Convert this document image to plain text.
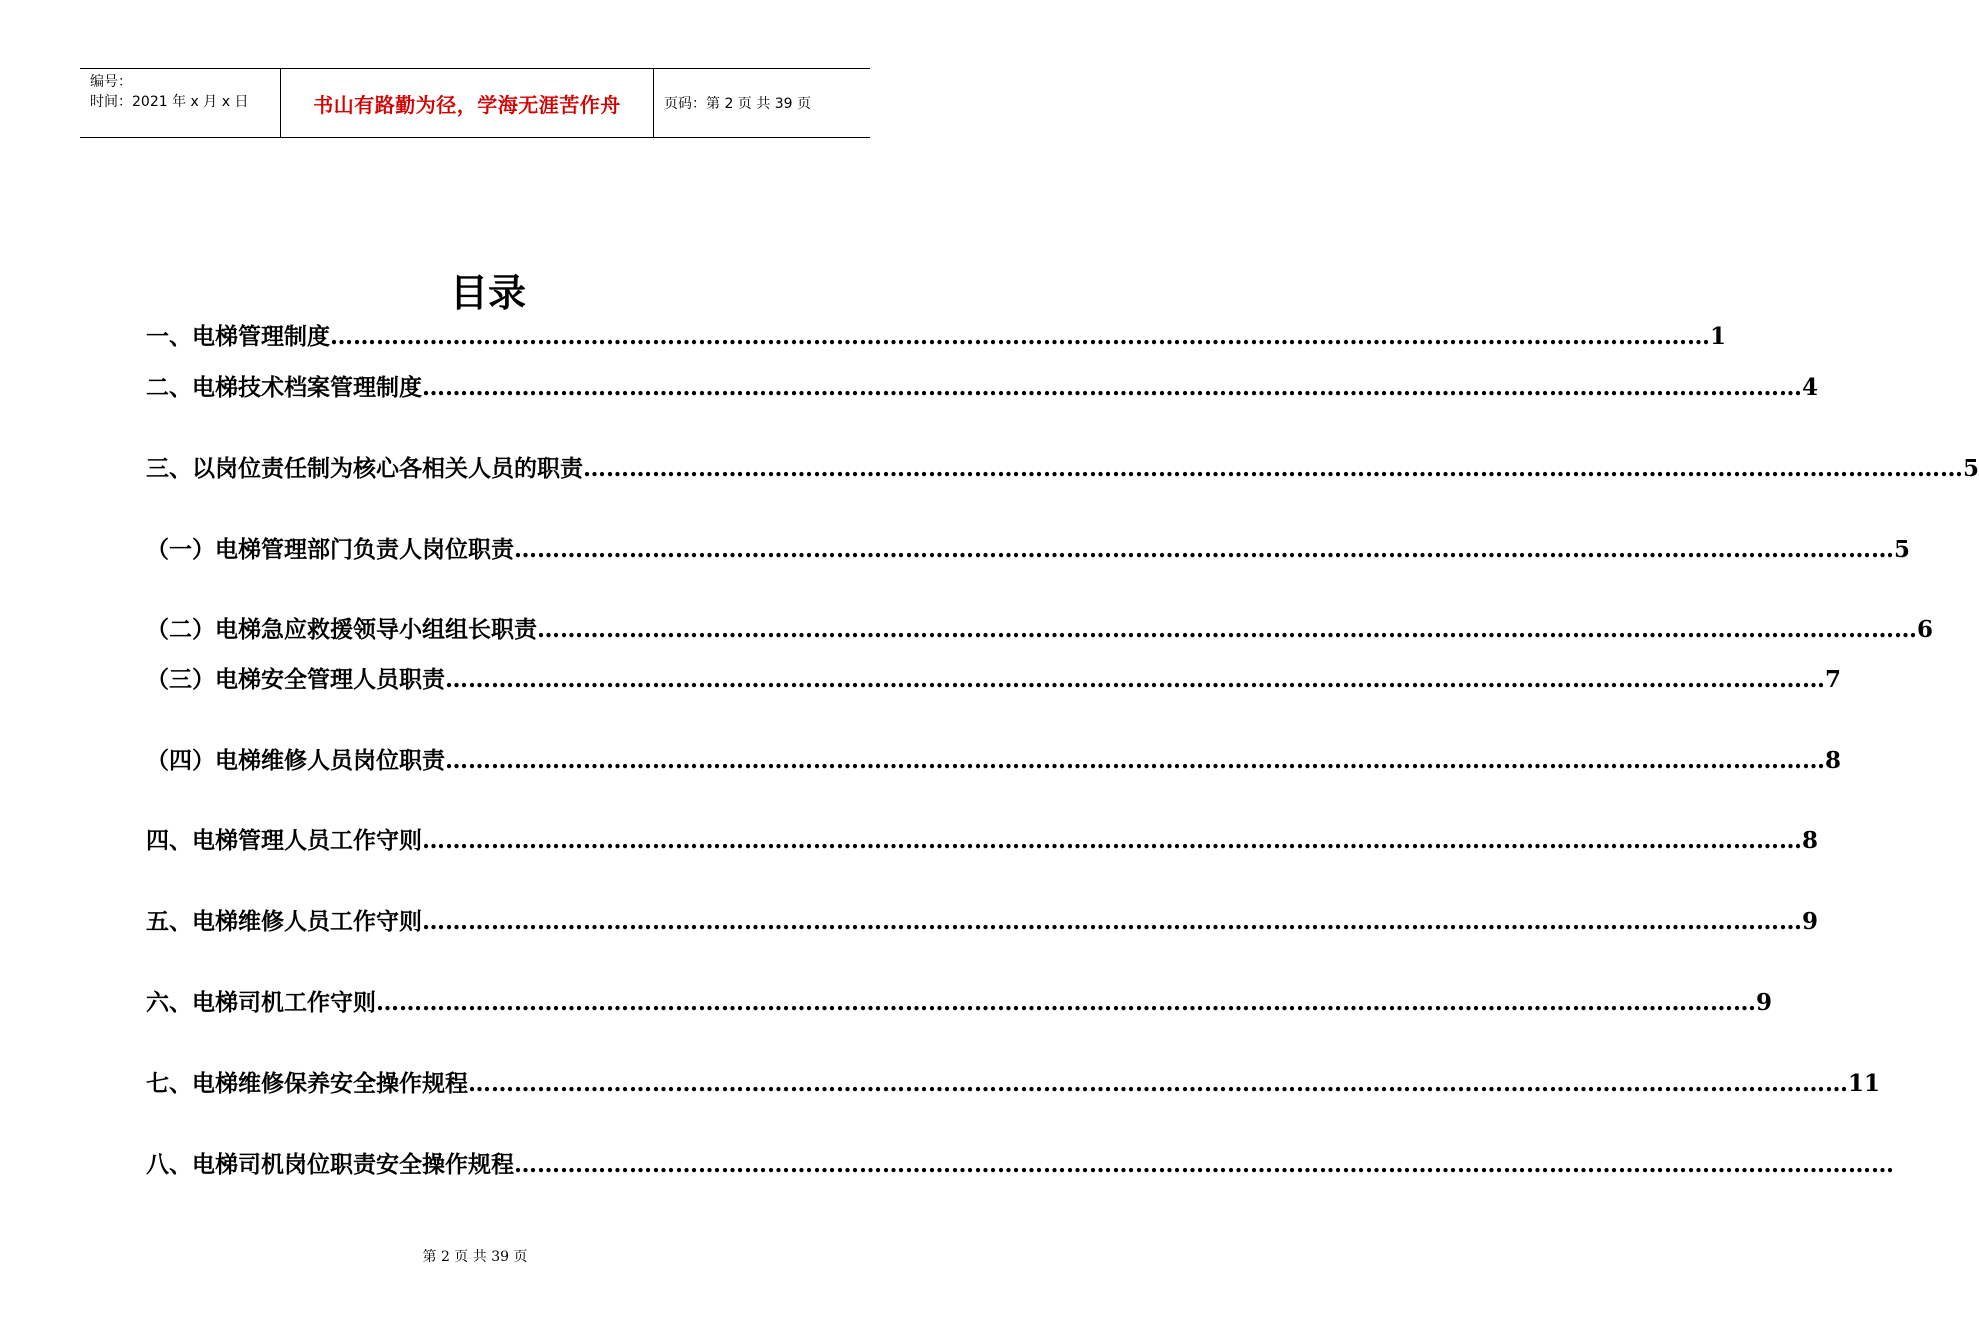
编号：
时间：2021 年 x 月 x 日	书山有路勤为径，学海无涯苦作舟	页码：第 2 页 共 39 页
目录
一、电梯管理制度 ……………………………………………………………………………………………………………………………………………………………… 1
二、电梯技术档案管理制度 ……………………………………………………………………………………………………………………………………………………………… 4
三、以岗位责任制为核心各相关人员的职责 ……………………………………………………………………………………………………………………………………………………………… 5
（一）电梯管理部门负责人岗位职责 ……………………………………………………………………………………………………………………………………………………………… 5
（二）电梯急应救援领导小组组长职责 ……………………………………………………………………………………………………………………………………………………………… 6
（三）电梯安全管理人员职责 ……………………………………………………………………………………………………………………………………………………………… 7
（四）电梯维修人员岗位职责 ……………………………………………………………………………………………………………………………………………………………… 8
四、电梯管理人员工作守则 ……………………………………………………………………………………………………………………………………………………………… 8
五、电梯维修人员工作守则 ……………………………………………………………………………………………………………………………………………………………… 9
六、电梯司机工作守则 ……………………………………………………………………………………………………………………………………………………………… 9
七、电梯维修保养安全操作规程 ……………………………………………………………………………………………………………………………………………………………… 11
八、电梯司机岗位职责安全操作规程 ………………………………………………………………………………………………………………………………………………………………
第 2 页 共 39 页
